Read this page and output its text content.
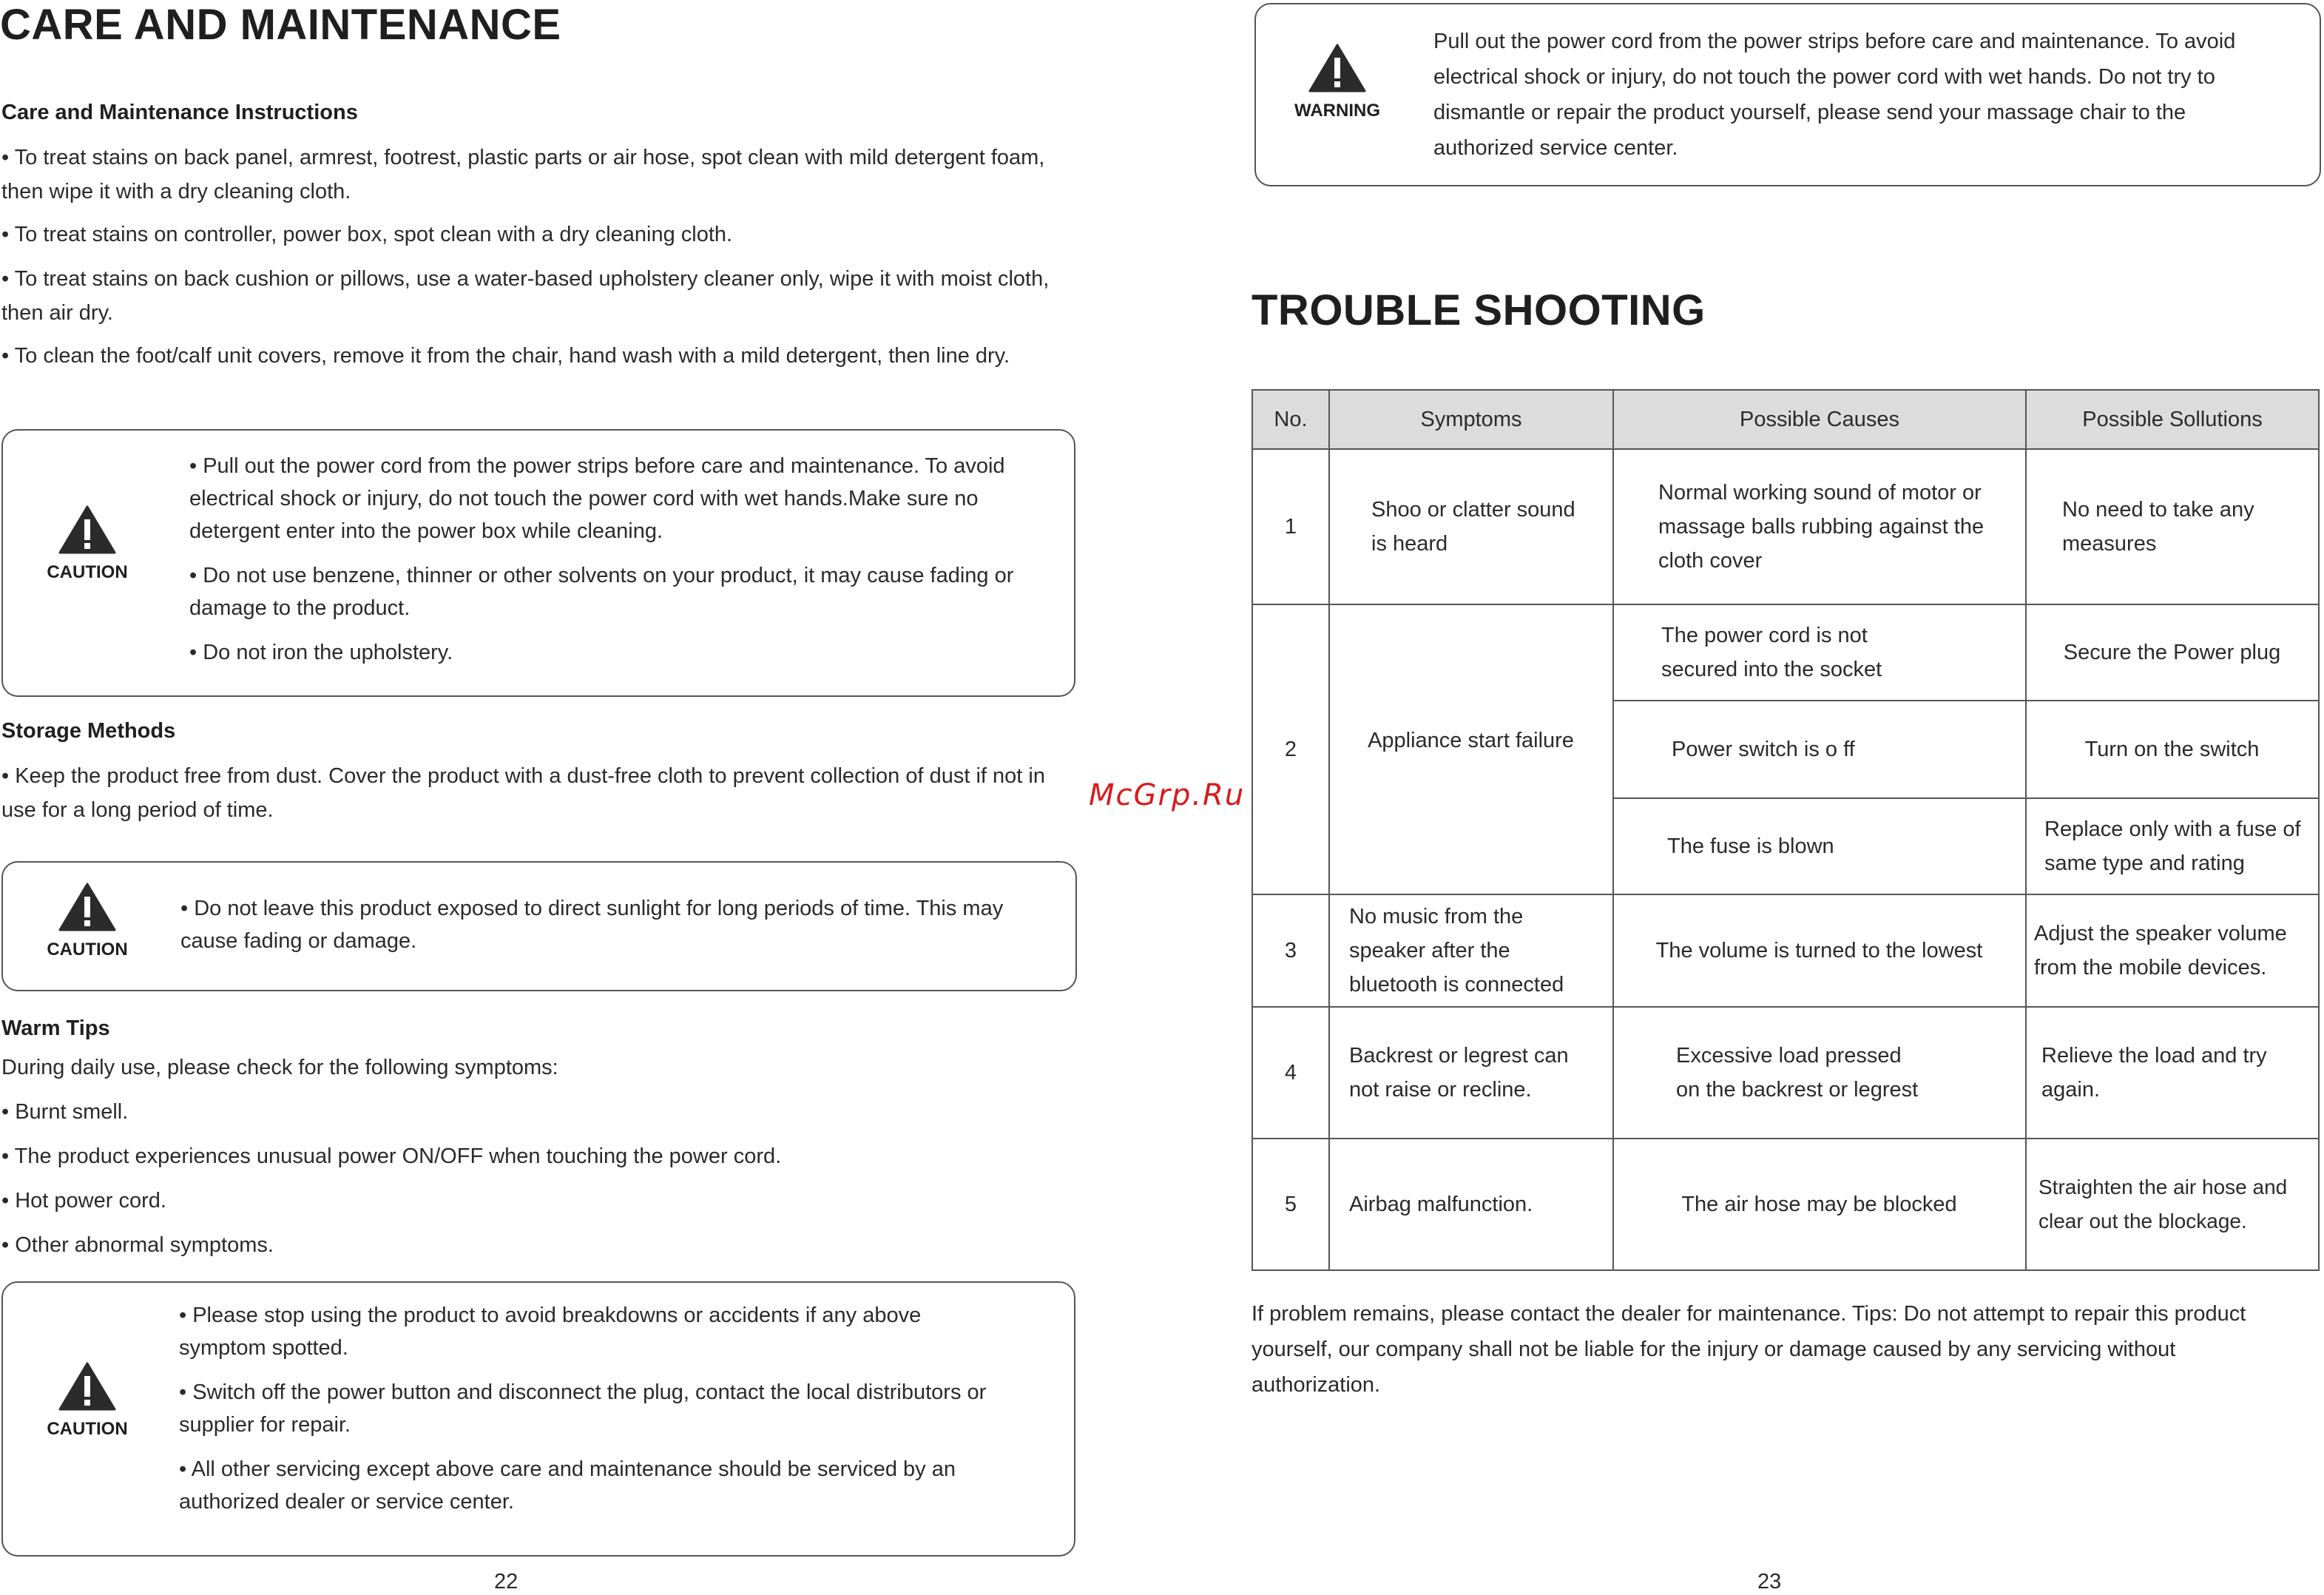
CARE AND MAINTENANCE
Care and Maintenance Instructions
• To treat stains on back panel, armrest, footrest, plastic parts or air hose, spot clean with mild detergent foam, then wipe it with a dry cleaning cloth.
• To treat stains on controller, power box, spot clean with a dry cleaning cloth.
• To treat stains on back cushion or pillows, use a water-based upholstery cleaner only, wipe it with moist cloth, then air dry.
• To clean the foot/calf unit covers, remove it from the chair, hand wash with a mild detergent, then line dry.
CAUTION

• Pull out the power cord from the power strips before care and maintenance. To avoid electrical shock or injury, do not touch the power cord with wet hands.Make sure no detergent enter into the power box while cleaning.

• Do not use benzene, thinner or other solvents on your product, it may cause fading or damage to the product.

• Do not iron the upholstery.

Storage Methods
• Keep the product free from dust. Cover the product with a dust-free cloth to prevent collection of dust if not in use for a long period of time.
CAUTION

• Do not leave this product exposed to direct sunlight for long periods of time. This may cause fading or damage.

Warm Tips
During daily use, please check for the following symptoms:
• Burnt smell.
• The product experiences unusual power ON/OFF when touching the power cord.
• Hot power cord.
• Other abnormal symptoms.
CAUTION

• Please stop using the product to avoid breakdowns or accidents if any above symptom spotted.

• Switch off the power button and disconnect the plug, contact the local distributors or supplier for repair.

• All other servicing except above care and maintenance should be serviced by an authorized dealer or service center.

22
McGrp.Ru
WARNING
Pull out the power cord from the power strips before care and maintenance. To avoid electrical shock or injury, do not touch the power cord with wet hands. Do not try to dismantle or repair the product yourself, please send your massage chair to the authorized service center.
TROUBLE SHOOTING
No.	Symptoms	Possible Causes	Possible Sollutions
1	Shoo or clatter sound is heard	Normal working sound of motor or massage balls rubbing against the cloth cover	No need to take any measures
2	Appliance start failure	The power cord is not secured into the socket	Secure the Power plug
		Power switch is o ff	Turn on the switch
		The fuse is blown	Replace only with a fuse of same type and rating
3	No music from the speaker after the bluetooth is connected	The volume is turned to the lowest	Adjust the speaker volume from the mobile devices.
4	Backrest or legrest can not raise or recline.	Excessive load pressed on the backrest or legrest	Relieve the load and try again.
5	Airbag malfunction.	The air hose may be blocked	Straighten the air hose and clear out the blockage.
If problem remains, please contact the dealer for maintenance. Tips: Do not attempt to repair this product yourself, our company shall not be liable for the injury or damage caused by any servicing without authorization.
23
